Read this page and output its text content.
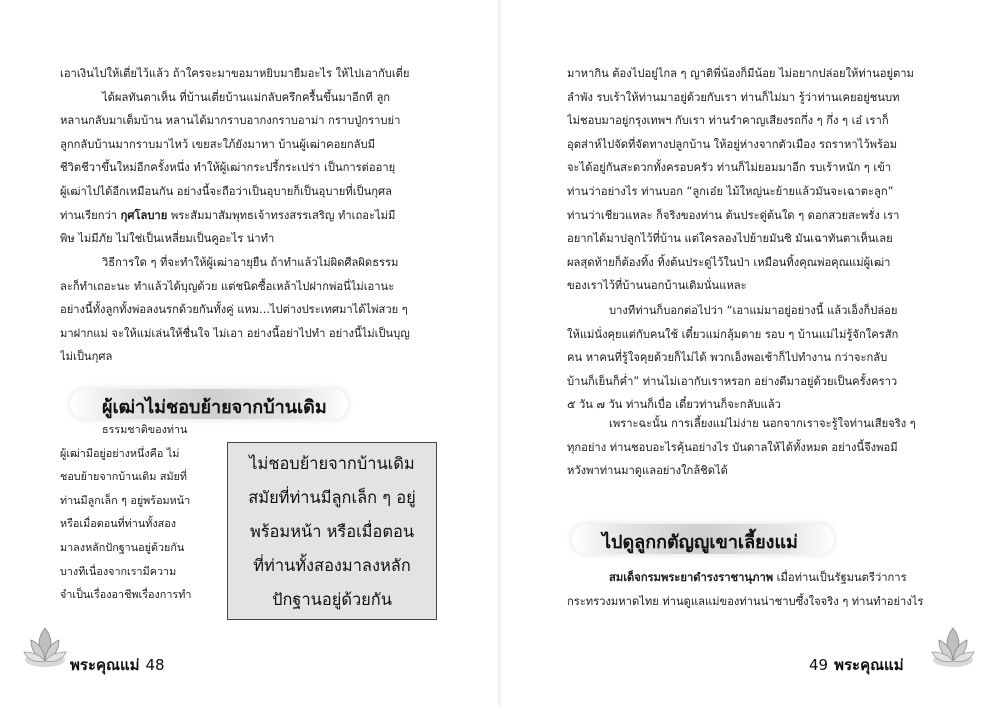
เอาเงินไปให้เตี่ยไว้แล้ว ถ้าใครจะมาขอมาหยิบมายืมอะไร ให้ไปเอากับเตี่ย
ได้ผลทันตาเห็น ที่บ้านเตี่ยบ้านแม่กลับครึกครื้นขึ้นมาอีกที ลูก
หลานกลับมาเต็มบ้าน หลานได้มากราบอากงกราบอาม่า กราบปู่กราบย่า
ลูกกลับบ้านมากราบมาไหว้ เขยสะใภ้ยังมาหา บ้านผู้เฒ่าคอยกลับมี
ชีวิตชีวาขึ้นใหม่อีกครั้งหนึ่ง ทำให้ผู้เฒ่ากระปรี้กระเปร่า เป็นการต่ออายุ
ผู้เฒ่าไปได้อีกเหมือนกัน อย่างนี้จะถือว่าเป็นอุบายก็เป็นอุบายที่เป็นกุศล
ท่านเรียกว่า กุศโลบาย พระสัมมาสัมพุทธเจ้าทรงสรรเสริญ ทำเถอะไม่มี
พิษ ไม่มีภัย ไม่ใช่เป็นเหลี่ยมเป็นคูอะไร น่าทำ
วิธีการใด ๆ ที่จะทำให้ผู้เฒ่าอายุยืน ถ้าทำแล้วไม่ผิดศีลผิดธรรม
ละก็ทำเถอะนะ ทำแล้วได้บุญด้วย แต่ชนิดซื้อเหล้าไปฝากพ่อนี่ไม่เอานะ
อย่างนี้ทั้งลูกทั้งพ่อลงนรกด้วยกันทั้งคู่ แหม...ไปต่างประเทศมาได้ไพ่สวย ๆ
มาฝากแม่ จะให้แม่เล่นให้ชื่นใจ ไม่เอา อย่างนี้อย่าไปทำ อย่างนี้ไม่เป็นบุญ
ไม่เป็นกุศล
ผู้เฒ่าไม่ชอบย้ายจากบ้านเดิม
ธรรมชาติของท่าน
ผู้เฒ่ามีอยู่อย่างหนึ่งคือ ไม่
ชอบย้ายจากบ้านเดิม สมัยที่
ท่านมีลูกเล็ก ๆ อยู่พร้อมหน้า
หรือเมื่อตอนที่ท่านทั้งสอง
มาลงหลักปักฐานอยู่ด้วยกัน
บางทีเนื่องจากเรามีความ
จำเป็นเรื่องอาชีพเรื่องการทำ
ไม่ชอบย้ายจากบ้านเดิม
สมัยที่ท่านมีลูกเล็ก ๆ อยู่
พร้อมหน้า หรือเมื่อตอน
ที่ท่านทั้งสองมาลงหลัก
ปักฐานอยู่ด้วยกัน
พระคุณแม่ 48
มาหากิน ต้องไปอยู่ไกล ๆ ญาติพี่น้องก็มีน้อย ไม่อยากปล่อยให้ท่านอยู่ตาม
ลำพัง รบเร้าให้ท่านมาอยู่ด้วยกับเรา ท่านก็ไม่มา รู้ว่าท่านเคยอยู่ชนบท
ไม่ชอบมาอยู่กรุงเทพฯ กับเรา ท่านรำคาญเสียงรถกึ่ง ๆ กึ่ง ๆ เอ๋ เราก็
อุตส่าห์ไปจัดที่จัดทางปลูกบ้าน ให้อยู่ห่างจากตัวเมือง รถราหาไว้พร้อม
จะได้อยู่กันสะดวกทั้งครอบครัว ท่านก็ไม่ยอมมาอีก รบเร้าหนัก ๆ เข้า
ท่านว่าอย่างไร ท่านบอก “ลูกเอ๋ย ไม้ใหญ่นะย้ายแล้วมันจะเฉาตะลูก”
ท่านว่าเชียวแหละ ก็จริงของท่าน ต้นประดู่ต้นใด ๆ ดอกสวยสะพรั่ง เรา
อยากได้มาปลูกไว้ที่บ้าน แต่ใครลองไปย้ายมันซิ มันเฉาทันตาเห็นเลย
ผลสุดท้ายก็ต้องทิ้ง ทิ้งต้นประดู่ไว้ในป่า เหมือนทิ้งคุณพ่อคุณแม่ผู้เฒ่า
ของเราไว้ที่บ้านนอกบ้านเดิมนั่นแหละ
บางทีท่านก็บอกต่อไปว่า “เอาแม่มาอยู่อย่างนี้ แล้วเอ็งก็ปล่อย
ให้แม่นั่งคุยแต่กับคนใช้ เดี๋ยวแม่กลุ้มตาย รอบ ๆ บ้านแม่ไม่รู้จักใครสัก
คน หาคนที่รู้ใจคุยด้วยก็ไม่ได้ พวกเอ็งพอเช้าก็ไปทำงาน กว่าจะกลับ
บ้านก็เย็นก็ค่ำ” ท่านไม่เอากับเราหรอก อย่างดีมาอยู่ด้วยเป็นครั้งคราว
๕ วัน ๗ วัน ท่านก็เบื่อ เดี๋ยวท่านก็จะกลับแล้ว
เพราะฉะนั้น การเลี้ยงแม่ไม่ง่าย นอกจากเราจะรู้ใจท่านเสียจริง ๆ
ทุกอย่าง ท่านชอบอะไรคุ้นอย่างไร บันดาลให้ได้ทั้งหมด อย่างนี้จึงพอมี
หวังพาท่านมาดูแลอย่างใกล้ชิดได้
ไปดูลูกกตัญญูเขาเลี้ยงแม่
สมเด็จกรมพระยาดำรงราชานุภาพ เมื่อท่านเป็นรัฐมนตรีว่าการ
กระทรวงมหาดไทย ท่านดูแลแม่ของท่านน่าชาบซึ้งใจจริง ๆ ท่านทำอย่างไร
49 พระคุณแม่
